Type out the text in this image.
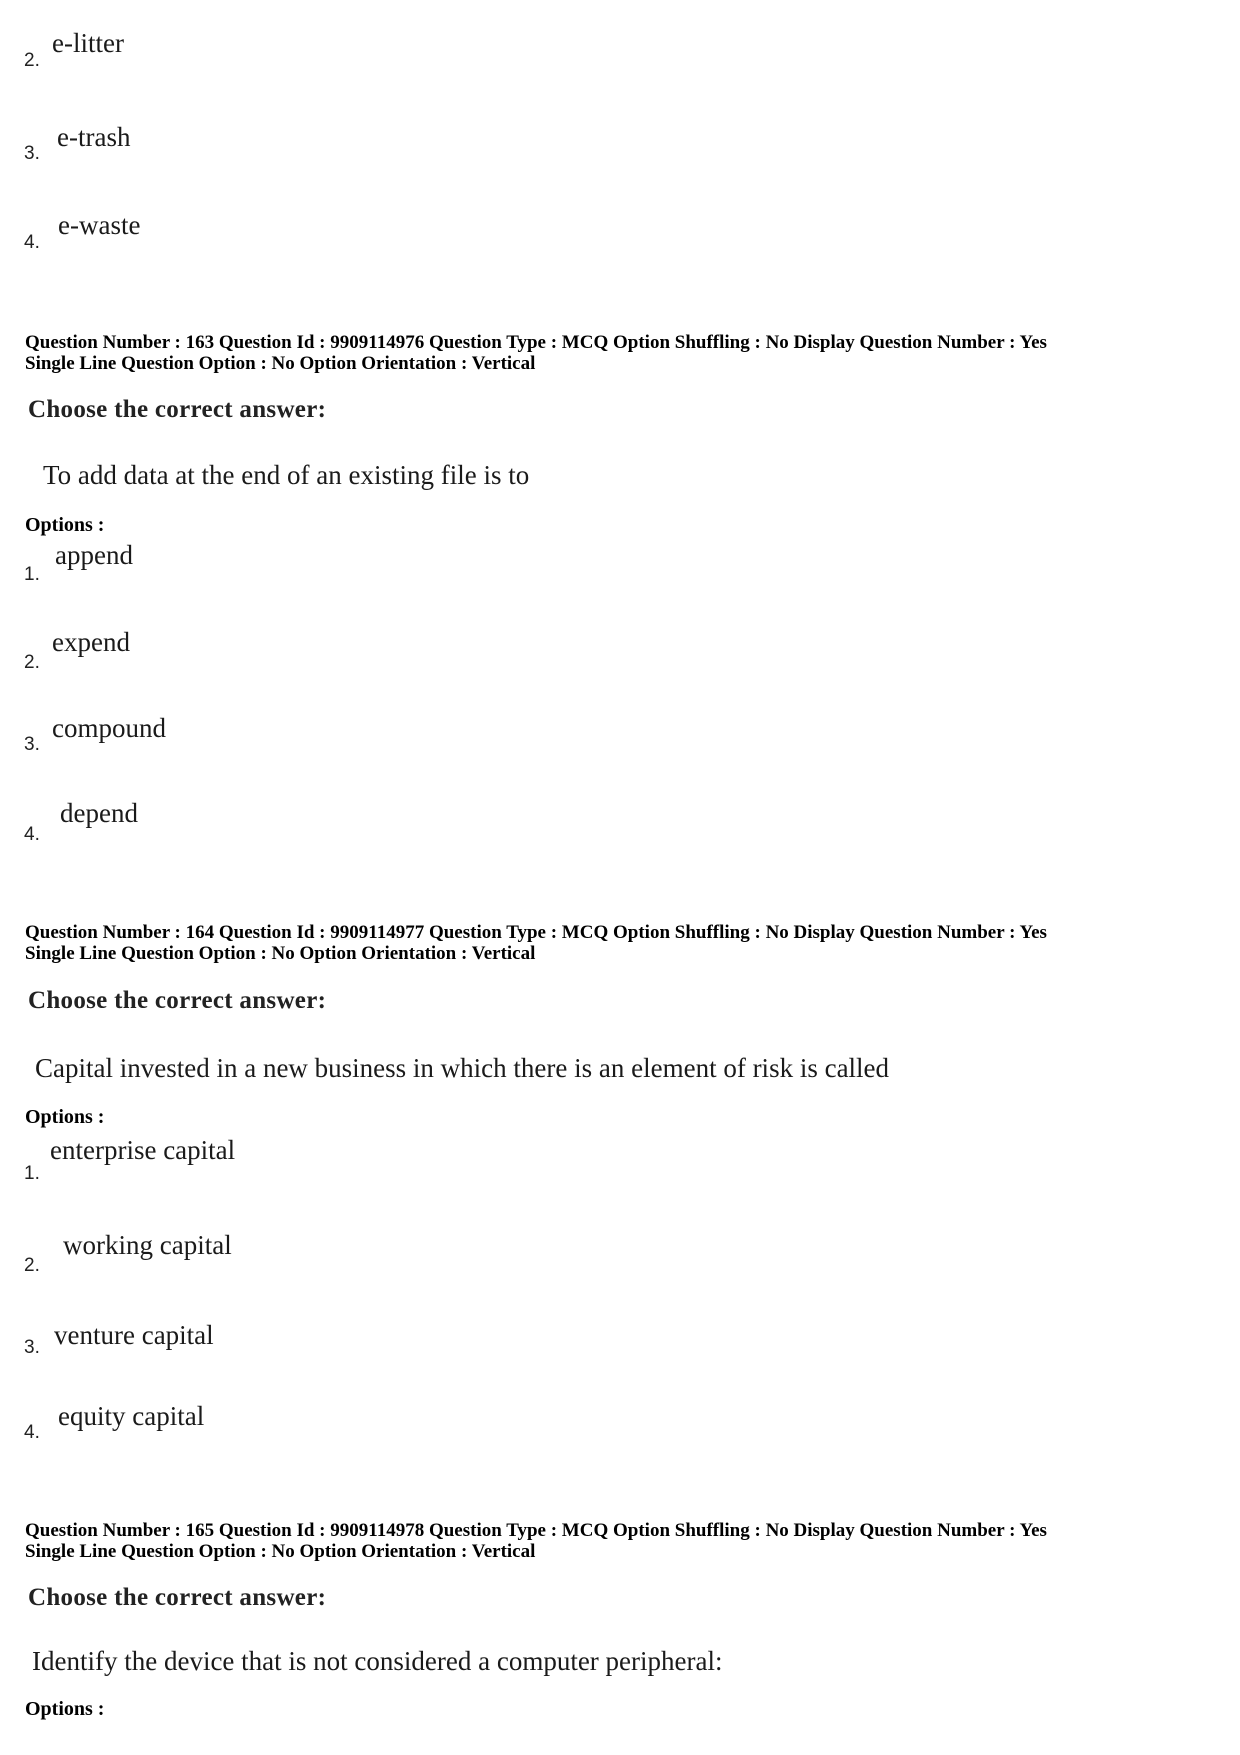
2.
e-litter
3.
e-trash
4.
e-waste
Question Number : 163 Question Id : 9909114976 Question Type : MCQ Option Shuffling : No Display Question Number : Yes
Single Line Question Option : No Option Orientation : Vertical
Choose the correct answer:
To add data at the end of an existing file is to
Options :
1.
append
2.
expend
3.
compound
4.
depend
Question Number : 164 Question Id : 9909114977 Question Type : MCQ Option Shuffling : No Display Question Number : Yes
Single Line Question Option : No Option Orientation : Vertical
Choose the correct answer:
Capital invested in a new business in which there is an element of risk is called
Options :
1.
enterprise capital
2.
working capital
3. venture capital
4.
equity capital
Question Number : 165 Question Id : 9909114978 Question Type : MCQ Option Shuffling : No Display Question Number : Yes
Single Line Question Option : No Option Orientation : Vertical
Choose the correct answer:
Identify the device that is not considered a computer peripheral:
Options :
